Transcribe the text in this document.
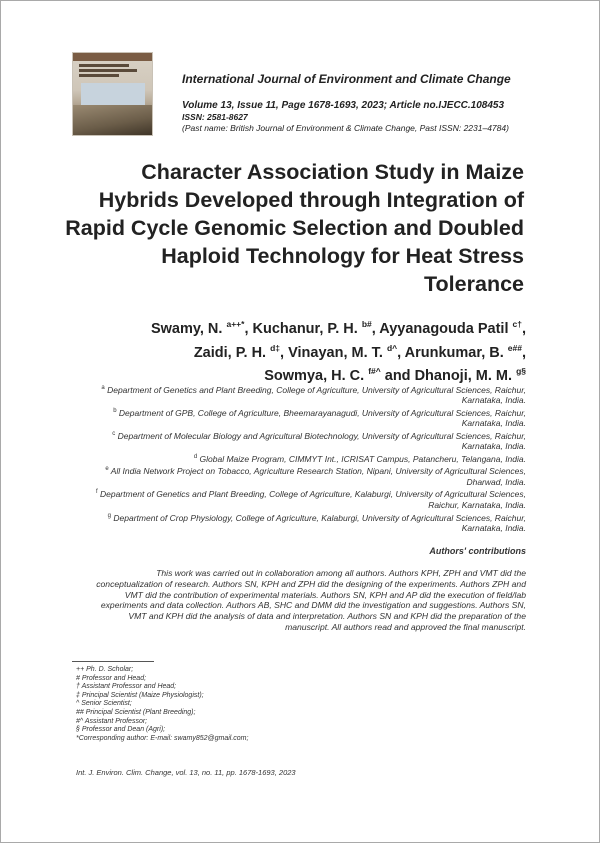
International Journal of Environment and Climate Change
Volume 13, Issue 11, Page 1678-1693, 2023; Article no.IJECC.108453
ISSN: 2581-8627
(Past name: British Journal of Environment & Climate Change, Past ISSN: 2231–4784)
Character Association Study in Maize Hybrids Developed through Integration of Rapid Cycle Genomic Selection and Doubled Haploid Technology for Heat Stress Tolerance
Swamy, N. $^{a++*}$, Kuchanur, P. H. $^{b\#}$, Ayyanagouda Patil $^{c\dagger}$,
Zaidi, P. H. $^{d\ddagger}$, Vinayan, M. T. $^{d\^{}}$, Arunkumar, B. $^{e\#\#}$,
Sowmya, H. C. $^{f\#\^{}}$ and Dhanoji, M. M. $^{g\S}$

$^a$ Department of Genetics and Plant Breeding, College of Agriculture, University of Agricultural Sciences, Raichur, Karnataka, India.

$^b$ Department of GPB, College of Agriculture, Bheemarayanagudi, University of Agricultural Sciences, Raichur, Karnataka, India.

$^c$ Department of Molecular Biology and Agricultural Biotechnology, University of Agricultural Sciences, Raichur, Karnataka, India.

$^d$ Global Maize Program, CIMMYT Int., ICRISAT Campus, Patancheru, Telangana, India.

$^e$ All India Network Project on Tobacco, Agriculture Research Station, Nipani, University of Agricultural Sciences, Dharwad, India.

$^f$ Department of Genetics and Plant Breeding, College of Agriculture, Kalaburgi, University of Agricultural Sciences, Raichur, Karnataka, India.

$^g$ Department of Crop Physiology, College of Agriculture, Kalaburgi, University of Agricultural Sciences, Raichur, Karnataka, India.

Authors' contributions
This work was carried out in collaboration among all authors. Authors KPH, ZPH and VMT did the conceptualization of research. Authors SN, KPH and ZPH did the designing of the experiments. Authors ZPH and VMT did the contribution of experimental materials. Authors SN, KPH and AP did the execution of field/lab experiments and data collection. Authors AB, SHC and DMM did the investigation and suggestions. Authors SN, VMT and KPH did the analysis of data and interpretation. Authors SN and KPH did the preparation of the manuscript. All authors read and approved the final manuscript.
++ Ph. D. Scholar;
# Professor and Head;
† Assistant Professor and Head;
‡ Principal Scientist (Maize Physiologist);
^ Senior Scientist;
## Principal Scientist (Plant Breeding);
#^ Assistant Professor;
§ Professor and Dean (Agri);
*Corresponding author: E-mail: swamy852@gmail.com;
Int. J. Environ. Clim. Change, vol. 13, no. 11, pp. 1678-1693, 2023
